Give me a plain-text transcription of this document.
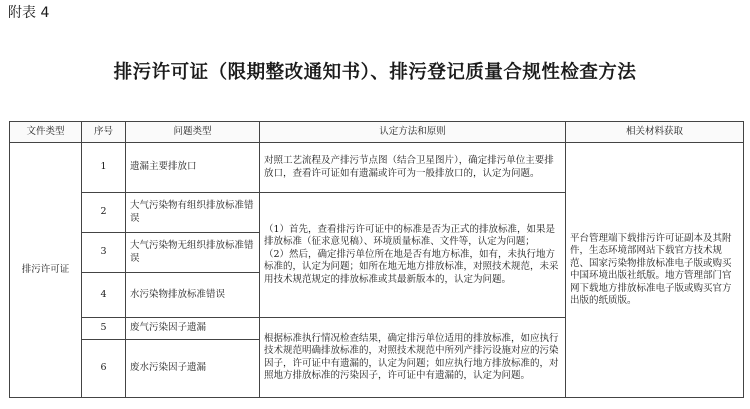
附表 4
排污许可证（限期整改通知书）、排污登记质量合规性检查方法
文件类型	序号	问题类型	认定方法和原则	相关材料获取
排污许可证	1	遗漏主要排放口	对照工艺流程及产排污节点图（结合卫星图片），确定排污单位主要排放口，查看许可证如有遗漏或许可为一般排放口的，认定为问题。	平台管理端下载排污许可证副本及其附件，生态环境部网站下载官方技术规范、国家污染物排放标准电子版或购买中国环境出版社纸版。地方管理部门官网下载地方排放标准电子版或购买官方出版的纸质版。
	2	大气污染物有组织排放标准错误	（1）首先，查看排污许可证中的标准是否为正式的排放标准，如果是排放标准（征求意见稿）、环境质量标准、文件等，认定为问题；
（2）然后，确定排污单位所在地是否有地方标准，如有，未执行地方标准的，认定为问题；如所在地无地方排放标准，对照技术规范，未采用技术规范规定的排放标准或其最新版本的，认定为问题。	
	3	大气污染物无组织排放标准错误		
	4	水污染物排放标准错误		
	5	废气污染因子遗漏	根据标准执行情况检查结果，确定排污单位适用的排放标准，如应执行技术规范明确排放标准的，对照技术规范中所列产排污设施对应的污染因子，许可证中有遗漏的，认定为问题；如应执行地方排放标准的，对照地方排放标准的污染因子，许可证中有遗漏的，认定为问题。	
	6	废水污染因子遗漏		
